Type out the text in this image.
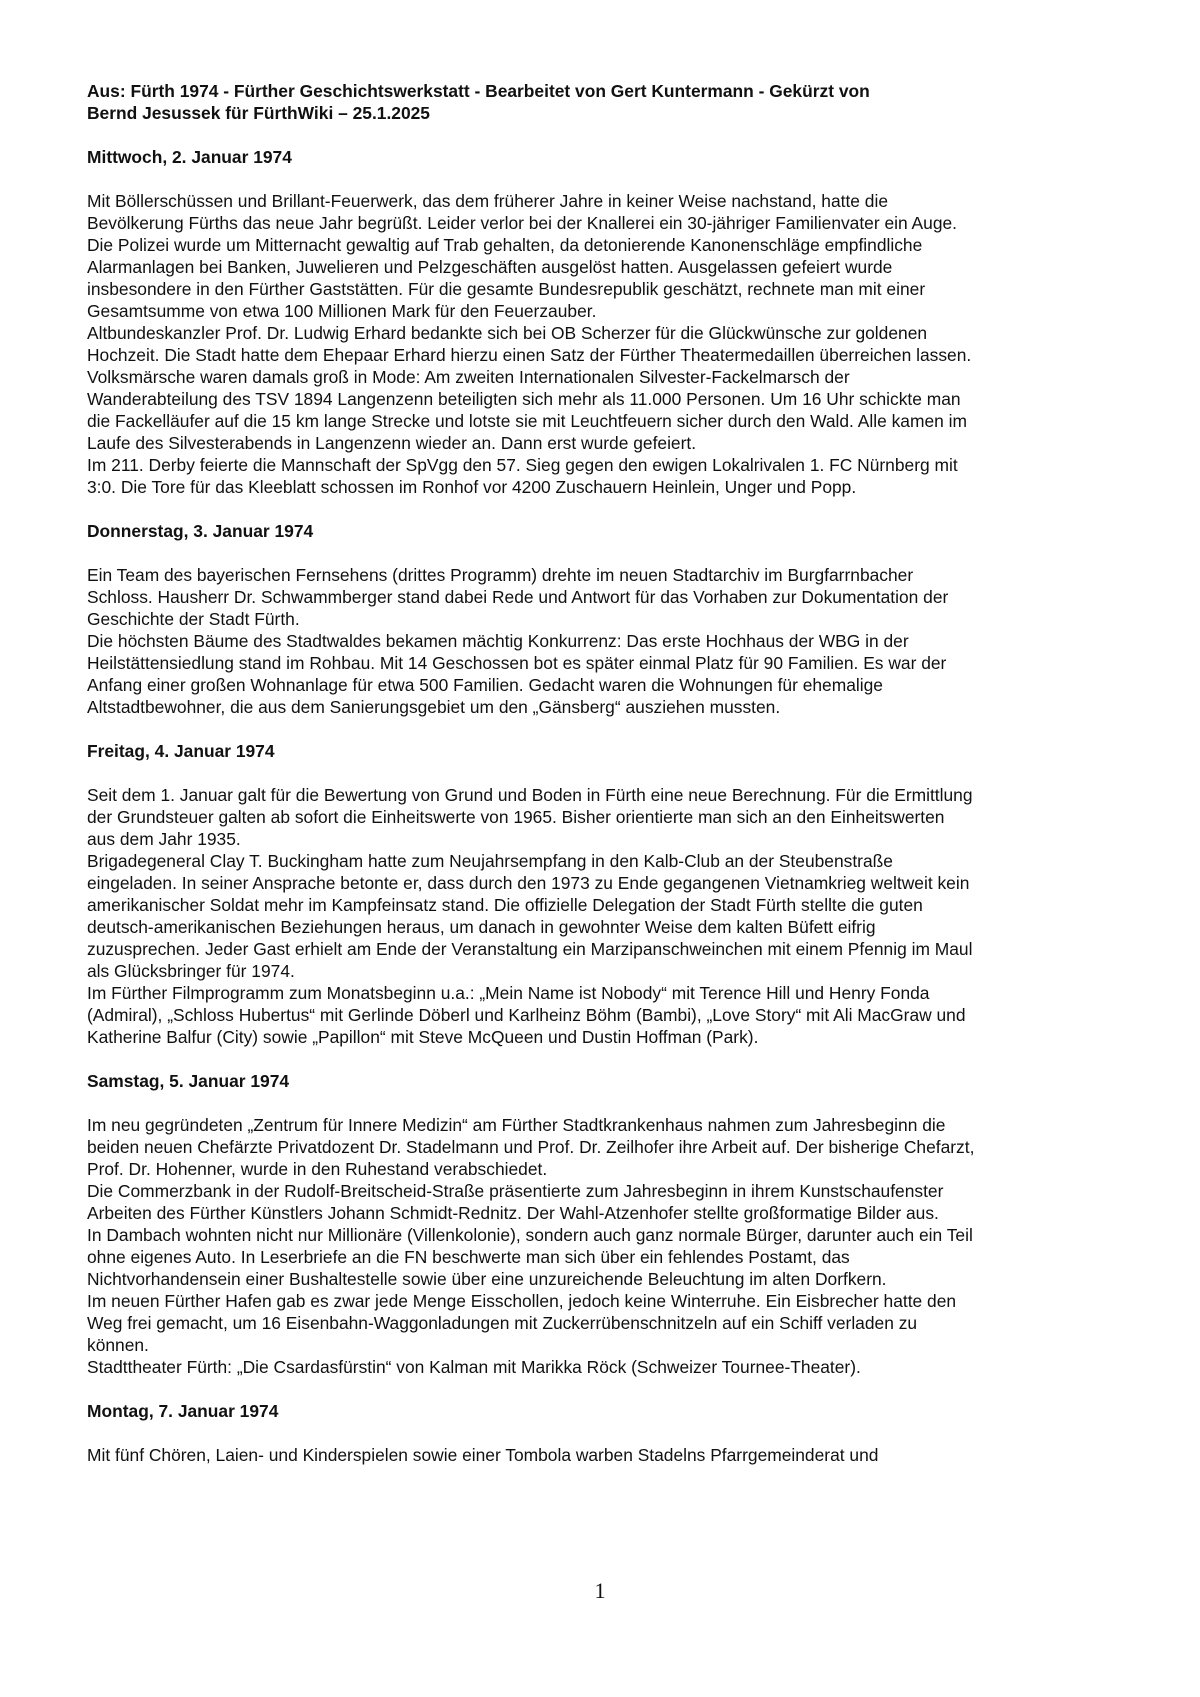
Aus: Fürth 1974 - Fürther Geschichtswerkstatt - Bearbeitet von Gert Kuntermann - Gekürzt von
Bernd Jesussek für FürthWiki – 25.1.2025
Mittwoch, 2. Januar 1974
Mit Böllerschüssen und Brillant-Feuerwerk, das dem früherer Jahre in keiner Weise nachstand, hatte die
Bevölkerung Fürths das neue Jahr begrüßt. Leider verlor bei der Knallerei ein 30-jähriger Familienvater ein Auge.
Die Polizei wurde um Mitternacht gewaltig auf Trab gehalten, da detonierende Kanonenschläge empfindliche
Alarmanlagen bei Banken, Juwelieren und Pelzgeschäften ausgelöst hatten. Ausgelassen gefeiert wurde
insbesondere in den Fürther Gaststätten. Für die gesamte Bundesrepublik geschätzt, rechnete man mit einer
Gesamtsumme von etwa 100 Millionen Mark für den Feuerzauber.
Altbundeskanzler Prof. Dr. Ludwig Erhard bedankte sich bei OB Scherzer für die Glückwünsche zur goldenen
Hochzeit. Die Stadt hatte dem Ehepaar Erhard hierzu einen Satz der Fürther Theatermedaillen überreichen lassen.
Volksmärsche waren damals groß in Mode: Am zweiten Internationalen Silvester-Fackelmarsch der
Wanderabteilung des TSV 1894 Langenzenn beteiligten sich mehr als 11.000 Personen. Um 16 Uhr schickte man
die Fackelläufer auf die 15 km lange Strecke und lotste sie mit Leuchtfeuern sicher durch den Wald. Alle kamen im
Laufe des Silvesterabends in Langenzenn wieder an. Dann erst wurde gefeiert.
Im 211. Derby feierte die Mannschaft der SpVgg den 57. Sieg gegen den ewigen Lokalrivalen 1. FC Nürnberg mit
3:0. Die Tore für das Kleeblatt schossen im Ronhof vor 4200 Zuschauern Heinlein, Unger und Popp.
Donnerstag, 3. Januar 1974
Ein Team des bayerischen Fernsehens (drittes Programm) drehte im neuen Stadtarchiv im Burgfarrnbacher
Schloss. Hausherr Dr. Schwammberger stand dabei Rede und Antwort für das Vorhaben zur Dokumentation der
Geschichte der Stadt Fürth.
Die höchsten Bäume des Stadtwaldes bekamen mächtig Konkurrenz: Das erste Hochhaus der WBG in der
Heilstättensiedlung stand im Rohbau. Mit 14 Geschossen bot es später einmal Platz für 90 Familien. Es war der
Anfang einer großen Wohnanlage für etwa 500 Familien. Gedacht waren die Wohnungen für ehemalige
Altstadtbewohner, die aus dem Sanierungsgebiet um den „Gänsberg“ ausziehen mussten.
Freitag, 4. Januar 1974
Seit dem 1. Januar galt für die Bewertung von Grund und Boden in Fürth eine neue Berechnung. Für die Ermittlung
der Grundsteuer galten ab sofort die Einheitswerte von 1965. Bisher orientierte man sich an den Einheitswerten
aus dem Jahr 1935.
Brigadegeneral Clay T. Buckingham hatte zum Neujahrsempfang in den Kalb-Club an der Steubenstraße
eingeladen. In seiner Ansprache betonte er, dass durch den 1973 zu Ende gegangenen Vietnamkrieg weltweit kein
amerikanischer Soldat mehr im Kampfeinsatz stand. Die offizielle Delegation der Stadt Fürth stellte die guten
deutsch-amerikanischen Beziehungen heraus, um danach in gewohnter Weise dem kalten Büfett eifrig
zuzusprechen. Jeder Gast erhielt am Ende der Veranstaltung ein Marzipanschweinchen mit einem Pfennig im Maul
als Glücksbringer für 1974.
Im Fürther Filmprogramm zum Monatsbeginn u.a.: „Mein Name ist Nobody“ mit Terence Hill und Henry Fonda
(Admiral), „Schloss Hubertus“ mit Gerlinde Döberl und Karlheinz Böhm (Bambi), „Love Story“ mit Ali MacGraw und
Katherine Balfur (City) sowie „Papillon“ mit Steve McQueen und Dustin Hoffman (Park).
Samstag, 5. Januar 1974
Im neu gegründeten „Zentrum für Innere Medizin“ am Fürther Stadtkrankenhaus nahmen zum Jahresbeginn die
beiden neuen Chefärzte Privatdozent Dr. Stadelmann und Prof. Dr. Zeilhofer ihre Arbeit auf. Der bisherige Chefarzt,
Prof. Dr. Hohenner, wurde in den Ruhestand verabschiedet.
Die Commerzbank in der Rudolf-Breitscheid-Straße präsentierte zum Jahresbeginn in ihrem Kunstschaufenster
Arbeiten des Fürther Künstlers Johann Schmidt-Rednitz. Der Wahl-Atzenhofer stellte großformatige Bilder aus.
In Dambach wohnten nicht nur Millionäre (Villenkolonie), sondern auch ganz normale Bürger, darunter auch ein Teil
ohne eigenes Auto. In Leserbriefe an die FN beschwerte man sich über ein fehlendes Postamt, das
Nichtvorhandensein einer Bushaltestelle sowie über eine unzureichende Beleuchtung im alten Dorfkern.
Im neuen Fürther Hafen gab es zwar jede Menge Eisschollen, jedoch keine Winterruhe. Ein Eisbrecher hatte den
Weg frei gemacht, um 16 Eisenbahn-Waggonladungen mit Zuckerrübenschnitzeln auf ein Schiff verladen zu
können.
Stadttheater Fürth: „Die Csardasfürstin“ von Kalman mit Marikka Röck (Schweizer Tournee-Theater).
Montag, 7. Januar 1974
Mit fünf Chören, Laien- und Kinderspielen sowie einer Tombola warben Stadelns Pfarrgemeinderat und
1
